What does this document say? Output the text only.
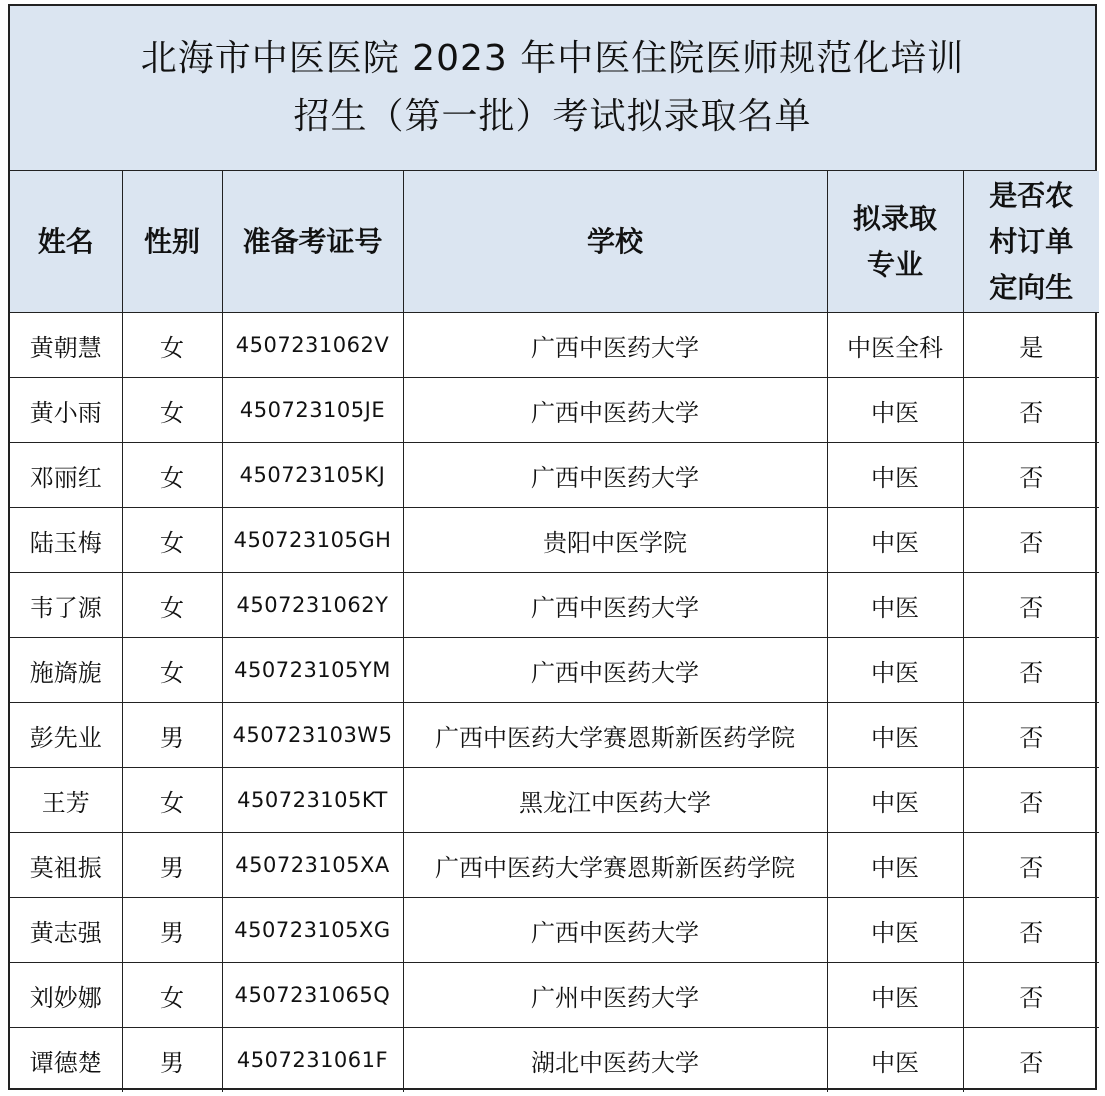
北海市中医医院 2023 年中医住院医师规范化培训
招生（第一批）考试拟录取名单
姓名	性别	准备考证号	学校	拟录取专业	是否农村订单定向生
黄朝慧	女	4507231062V	广西中医药大学	中医全科	是
黄小雨	女	450723105JE	广西中医药大学	中医	否
邓丽红	女	450723105KJ	广西中医药大学	中医	否
陆玉梅	女	450723105GH	贵阳中医学院	中医	否
韦了源	女	4507231062Y	广西中医药大学	中医	否
施旖旎	女	450723105YM	广西中医药大学	中医	否
彭先业	男	450723103W5	广西中医药大学赛恩斯新医药学院	中医	否
王芳	女	450723105KT	黑龙江中医药大学	中医	否
莫祖振	男	450723105XA	广西中医药大学赛恩斯新医药学院	中医	否
黄志强	男	450723105XG	广西中医药大学	中医	否
刘妙娜	女	4507231065Q	广州中医药大学	中医	否
谭德楚	男	4507231061F	湖北中医药大学	中医	否
